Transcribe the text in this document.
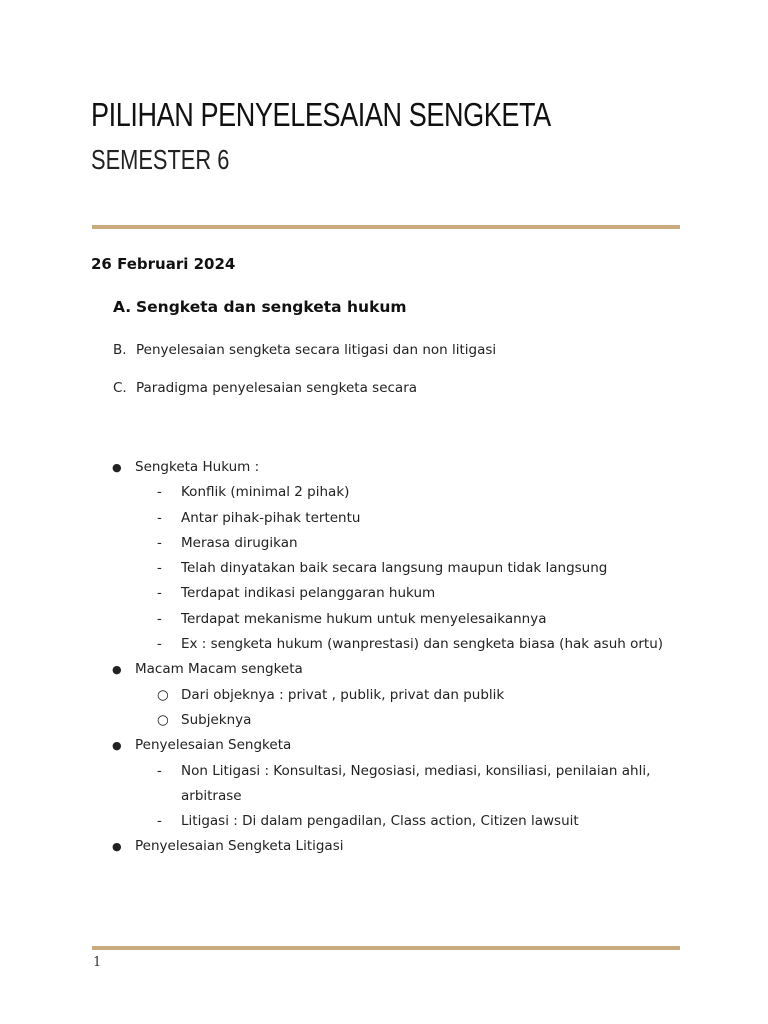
PILIHAN PENYELESAIAN SENGKETA
SEMESTER 6

26 Februari 2024

A. Sengketa dan sengketa hukum
B. Penyelesaian sengketa secara litigasi dan non litigasi
C. Paradigma penyelesaian sengketa secara
● Sengketa Hukum :
- Konflik (minimal 2 pihak)
- Antar pihak-pihak tertentu
- Merasa dirugikan
- Telah dinyatakan baik secara langsung maupun tidak langsung
- Terdapat indikasi pelanggaran hukum
- Terdapat mekanisme hukum untuk menyelesaikannya
- Ex : sengketa hukum (wanprestasi) dan sengketa biasa (hak asuh ortu)
● Macam Macam sengketa
○ Dari objeknya : privat , publik, privat dan publik
○ Subjeknya
● Penyelesaian Sengketa
- Non Litigasi : Konsultasi, Negosiasi, mediasi, konsiliasi, penilaian ahli,
arbitrase
- Litigasi : Di dalam pengadilan, Class action, Citizen lawsuit
● Penyelesaian Sengketa Litigasi
1
